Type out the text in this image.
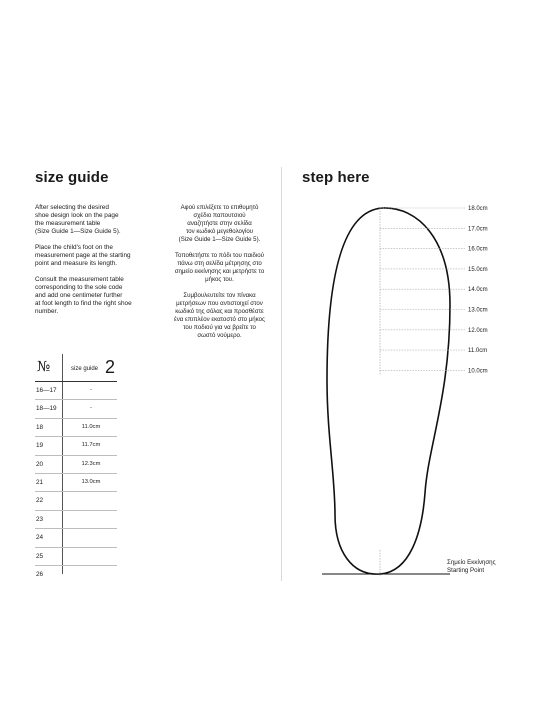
size guide
After selecting the desired
shoe design look on the page
the measurement table
(Size Guide 1—Size Guide 5).
Place the child's foot on the
measurement page at the starting
point and measure its length.
Consult the measurement table
corresponding to the sole code
and add one centimeter further
at foot length to find the right shoe
number.
Αφού επιλέξετε το επιθυμητό
σχέδιο παπουτσιού
αναζητήστε στην σελίδα
τον κωδικό μεγεθολογίου
(Size Guide 1—Size Guide 5).
Τοποθετήστε το πόδι του παιδιού
πάνω στη σελίδα μέτρησης στο
σημείο εκκίνησης και μετρήστε το
μήκος του.
Συμβουλευτείτε τον πίνακα
μετρήσεων που αντιστοιχεί στον
κωδικό της σόλας και προσθέστε
ένα επιπλέον εκατοστό στο μήκος
του ποδιού για να βρείτε το
σωστό νούμερο.
№	size guide 2
16—17	-
18—19	-
18	11.0cm
19	11.7cm
20	12.3cm
21	13.0cm
22
23
24
25
26
step here
18.0cm
17.0cm
16.0cm
15.0cm
14.0cm
13.0cm
12.0cm
11.0cm
10.0cm
Σημείο Εκκίνησης
Starting Point
